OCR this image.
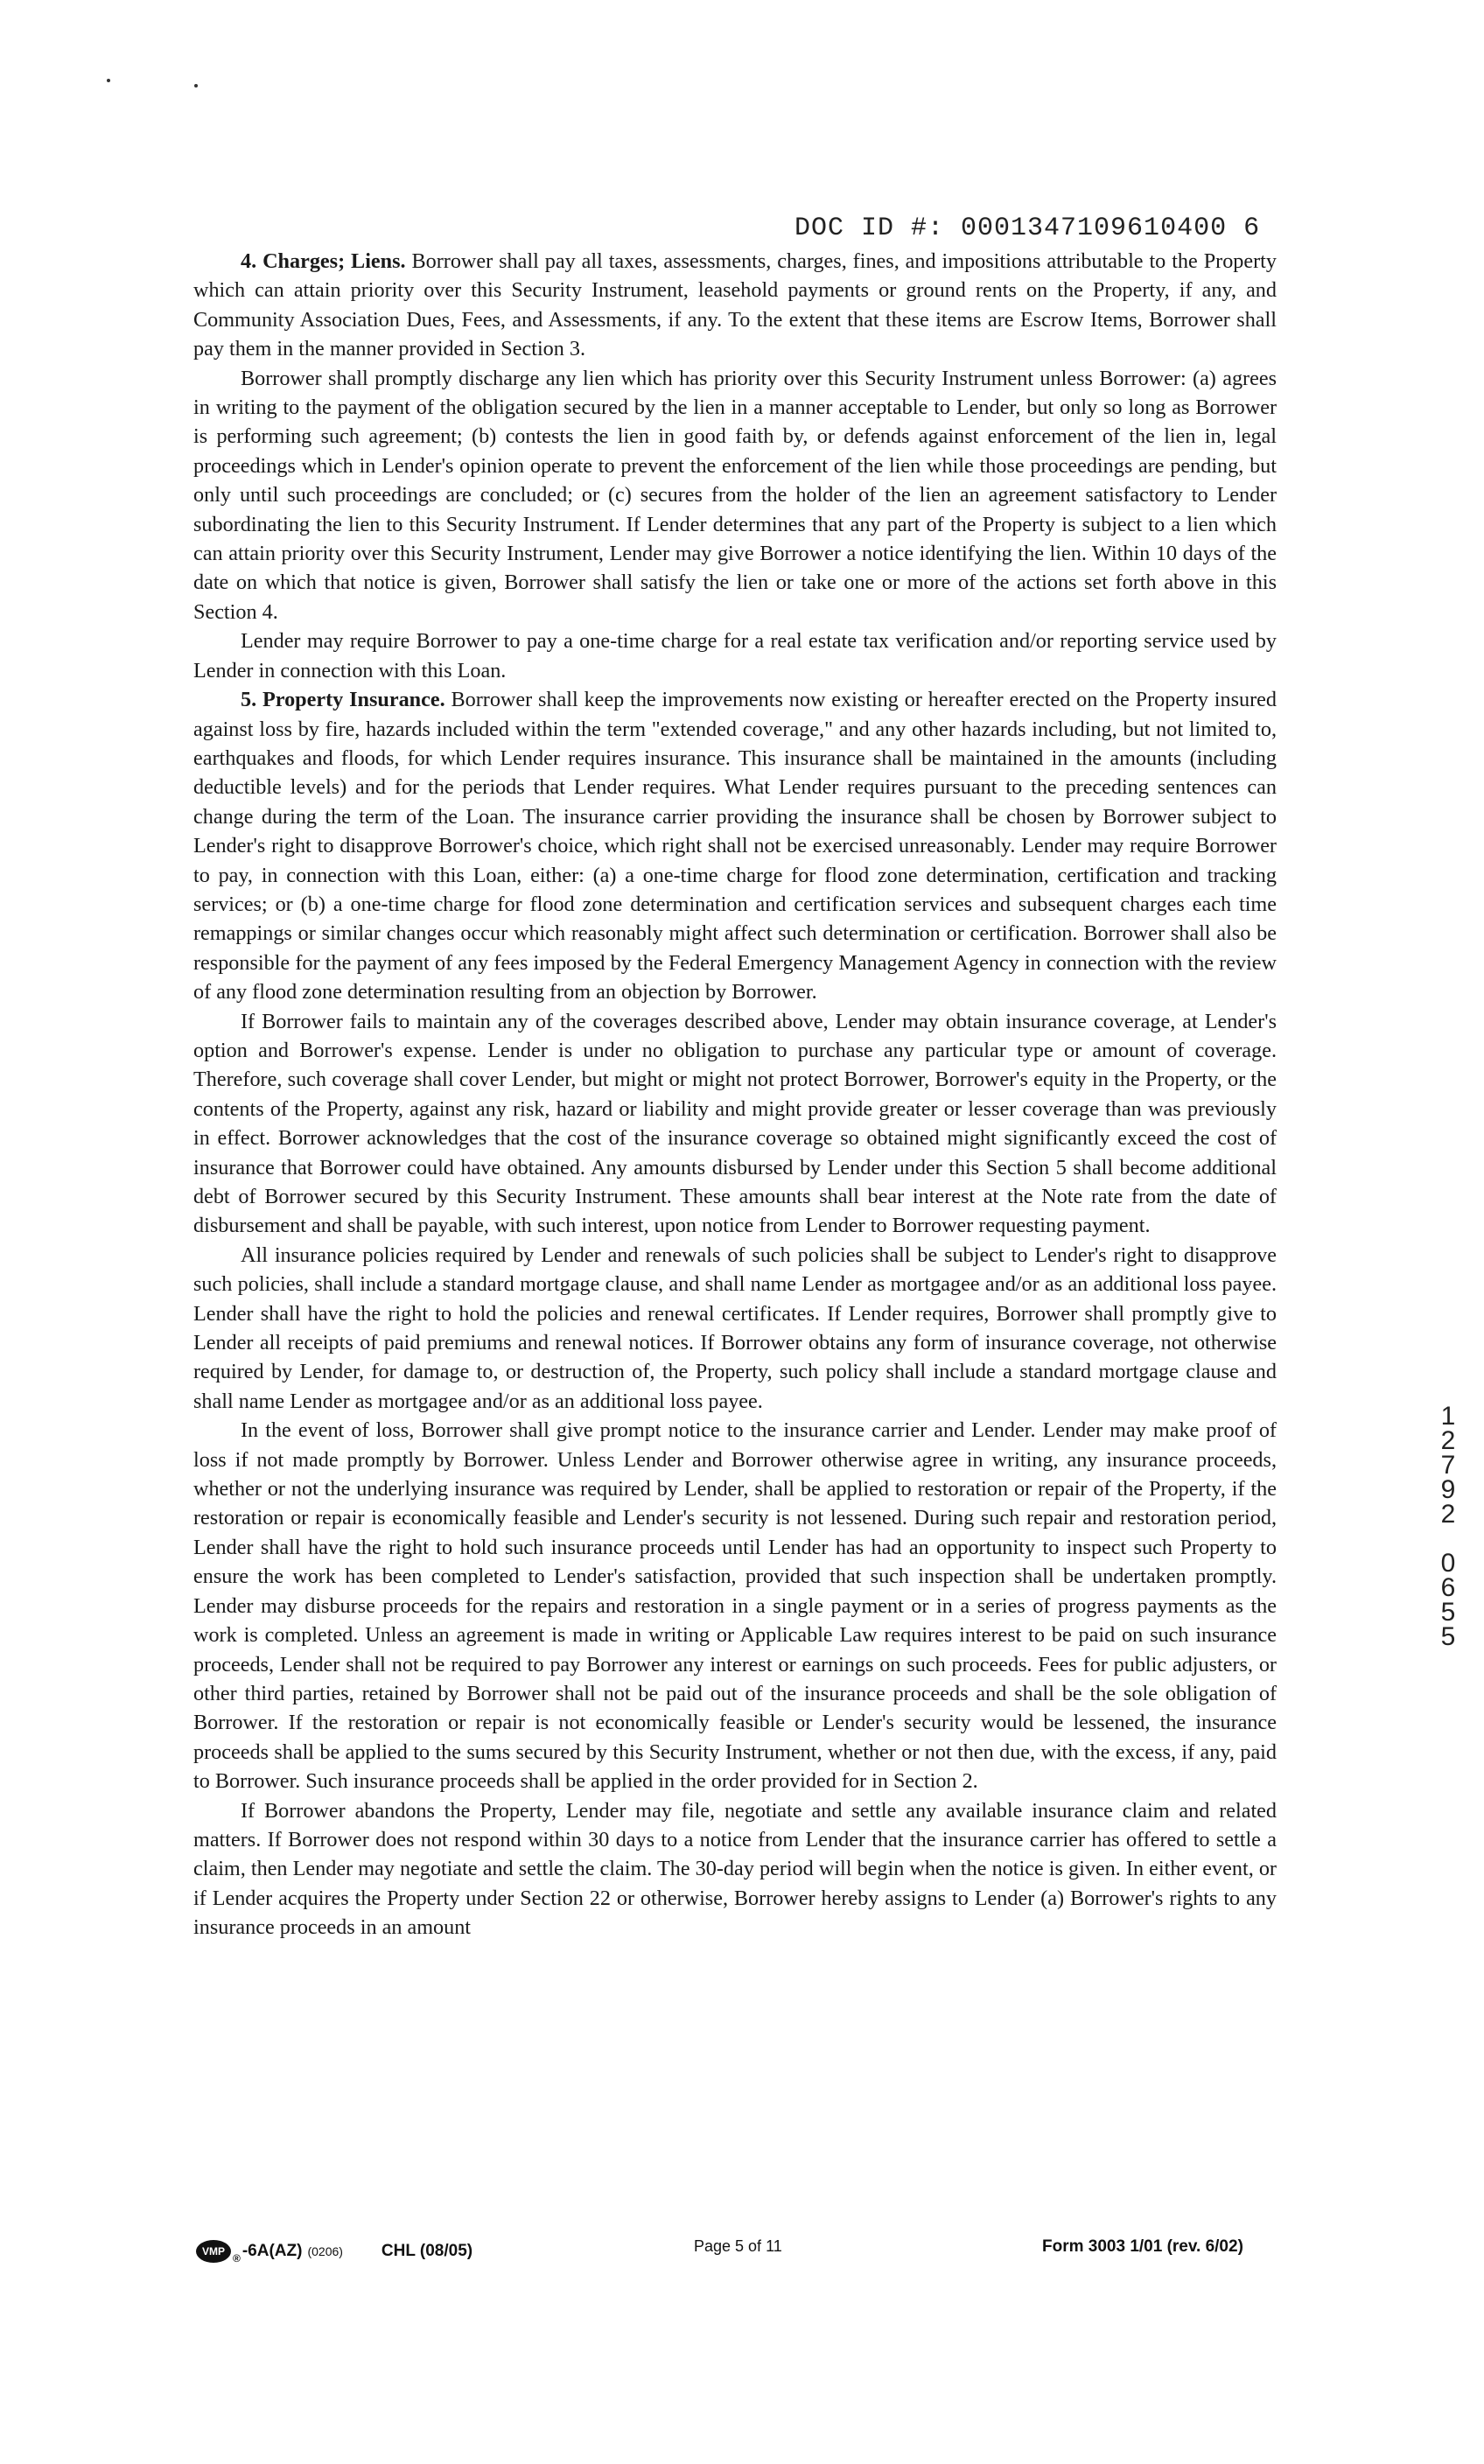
DOC ID #: 0001347109610400 6

4. Charges; Liens. Borrower shall pay all taxes, assessments, charges, fines, and impositions attributable to the Property which can attain priority over this Security Instrument, leasehold payments or ground rents on the Property, if any, and Community Association Dues, Fees, and Assessments, if any. To the extent that these items are Escrow Items, Borrower shall pay them in the manner provided in Section 3.

Borrower shall promptly discharge any lien which has priority over this Security Instrument unless Borrower: (a) agrees in writing to the payment of the obligation secured by the lien in a manner acceptable to Lender, but only so long as Borrower is performing such agreement; (b) contests the lien in good faith by, or defends against enforcement of the lien in, legal proceedings which in Lender's opinion operate to prevent the enforcement of the lien while those proceedings are pending, but only until such proceedings are concluded; or (c) secures from the holder of the lien an agreement satisfactory to Lender subordinating the lien to this Security Instrument. If Lender determines that any part of the Property is subject to a lien which can attain priority over this Security Instrument, Lender may give Borrower a notice identifying the lien. Within 10 days of the date on which that notice is given, Borrower shall satisfy the lien or take one or more of the actions set forth above in this Section 4.

Lender may require Borrower to pay a one-time charge for a real estate tax verification and/or reporting service used by Lender in connection with this Loan.

5. Property Insurance. Borrower shall keep the improvements now existing or hereafter erected on the Property insured against loss by fire, hazards included within the term "extended coverage," and any other hazards including, but not limited to, earthquakes and floods, for which Lender requires insurance. This insurance shall be maintained in the amounts (including deductible levels) and for the periods that Lender requires. What Lender requires pursuant to the preceding sentences can change during the term of the Loan. The insurance carrier providing the insurance shall be chosen by Borrower subject to Lender's right to disapprove Borrower's choice, which right shall not be exercised unreasonably. Lender may require Borrower to pay, in connection with this Loan, either: (a) a one-time charge for flood zone determination, certification and tracking services; or (b) a one-time charge for flood zone determination and certification services and subsequent charges each time remappings or similar changes occur which reasonably might affect such determination or certification. Borrower shall also be responsible for the payment of any fees imposed by the Federal Emergency Management Agency in connection with the review of any flood zone determination resulting from an objection by Borrower.

If Borrower fails to maintain any of the coverages described above, Lender may obtain insurance coverage, at Lender's option and Borrower's expense. Lender is under no obligation to purchase any particular type or amount of coverage. Therefore, such coverage shall cover Lender, but might or might not protect Borrower, Borrower's equity in the Property, or the contents of the Property, against any risk, hazard or liability and might provide greater or lesser coverage than was previously in effect. Borrower acknowledges that the cost of the insurance coverage so obtained might significantly exceed the cost of insurance that Borrower could have obtained. Any amounts disbursed by Lender under this Section 5 shall become additional debt of Borrower secured by this Security Instrument. These amounts shall bear interest at the Note rate from the date of disbursement and shall be payable, with such interest, upon notice from Lender to Borrower requesting payment.

All insurance policies required by Lender and renewals of such policies shall be subject to Lender's right to disapprove such policies, shall include a standard mortgage clause, and shall name Lender as mortgagee and/or as an additional loss payee. Lender shall have the right to hold the policies and renewal certificates. If Lender requires, Borrower shall promptly give to Lender all receipts of paid premiums and renewal notices. If Borrower obtains any form of insurance coverage, not otherwise required by Lender, for damage to, or destruction of, the Property, such policy shall include a standard mortgage clause and shall name Lender as mortgagee and/or as an additional loss payee.

In the event of loss, Borrower shall give prompt notice to the insurance carrier and Lender. Lender may make proof of loss if not made promptly by Borrower. Unless Lender and Borrower otherwise agree in writing, any insurance proceeds, whether or not the underlying insurance was required by Lender, shall be applied to restoration or repair of the Property, if the restoration or repair is economically feasible and Lender's security is not lessened. During such repair and restoration period, Lender shall have the right to hold such insurance proceeds until Lender has had an opportunity to inspect such Property to ensure the work has been completed to Lender's satisfaction, provided that such inspection shall be undertaken promptly. Lender may disburse proceeds for the repairs and restoration in a single payment or in a series of progress payments as the work is completed. Unless an agreement is made in writing or Applicable Law requires interest to be paid on such insurance proceeds, Lender shall not be required to pay Borrower any interest or earnings on such proceeds. Fees for public adjusters, or other third parties, retained by Borrower shall not be paid out of the insurance proceeds and shall be the sole obligation of Borrower. If the restoration or repair is not economically feasible or Lender's security would be lessened, the insurance proceeds shall be applied to the sums secured by this Security Instrument, whether or not then due, with the excess, if any, paid to Borrower. Such insurance proceeds shall be applied in the order provided for in Section 2.

If Borrower abandons the Property, Lender may file, negotiate and settle any available insurance claim and related matters. If Borrower does not respond within 30 days to a notice from Lender that the insurance carrier has offered to settle a claim, then Lender may negotiate and settle the claim. The 30-day period will begin when the notice is given. In either event, or if Lender acquires the Property under Section 22 or otherwise, Borrower hereby assigns to Lender (a) Borrower's rights to any insurance proceeds in an amount

1
2
7
9
2
0
6
5
5
VMP
® -6A(AZ) (0206) CHL (08/05)	Page 5 of 11	Form 3003 1/01 (rev. 6/02)
